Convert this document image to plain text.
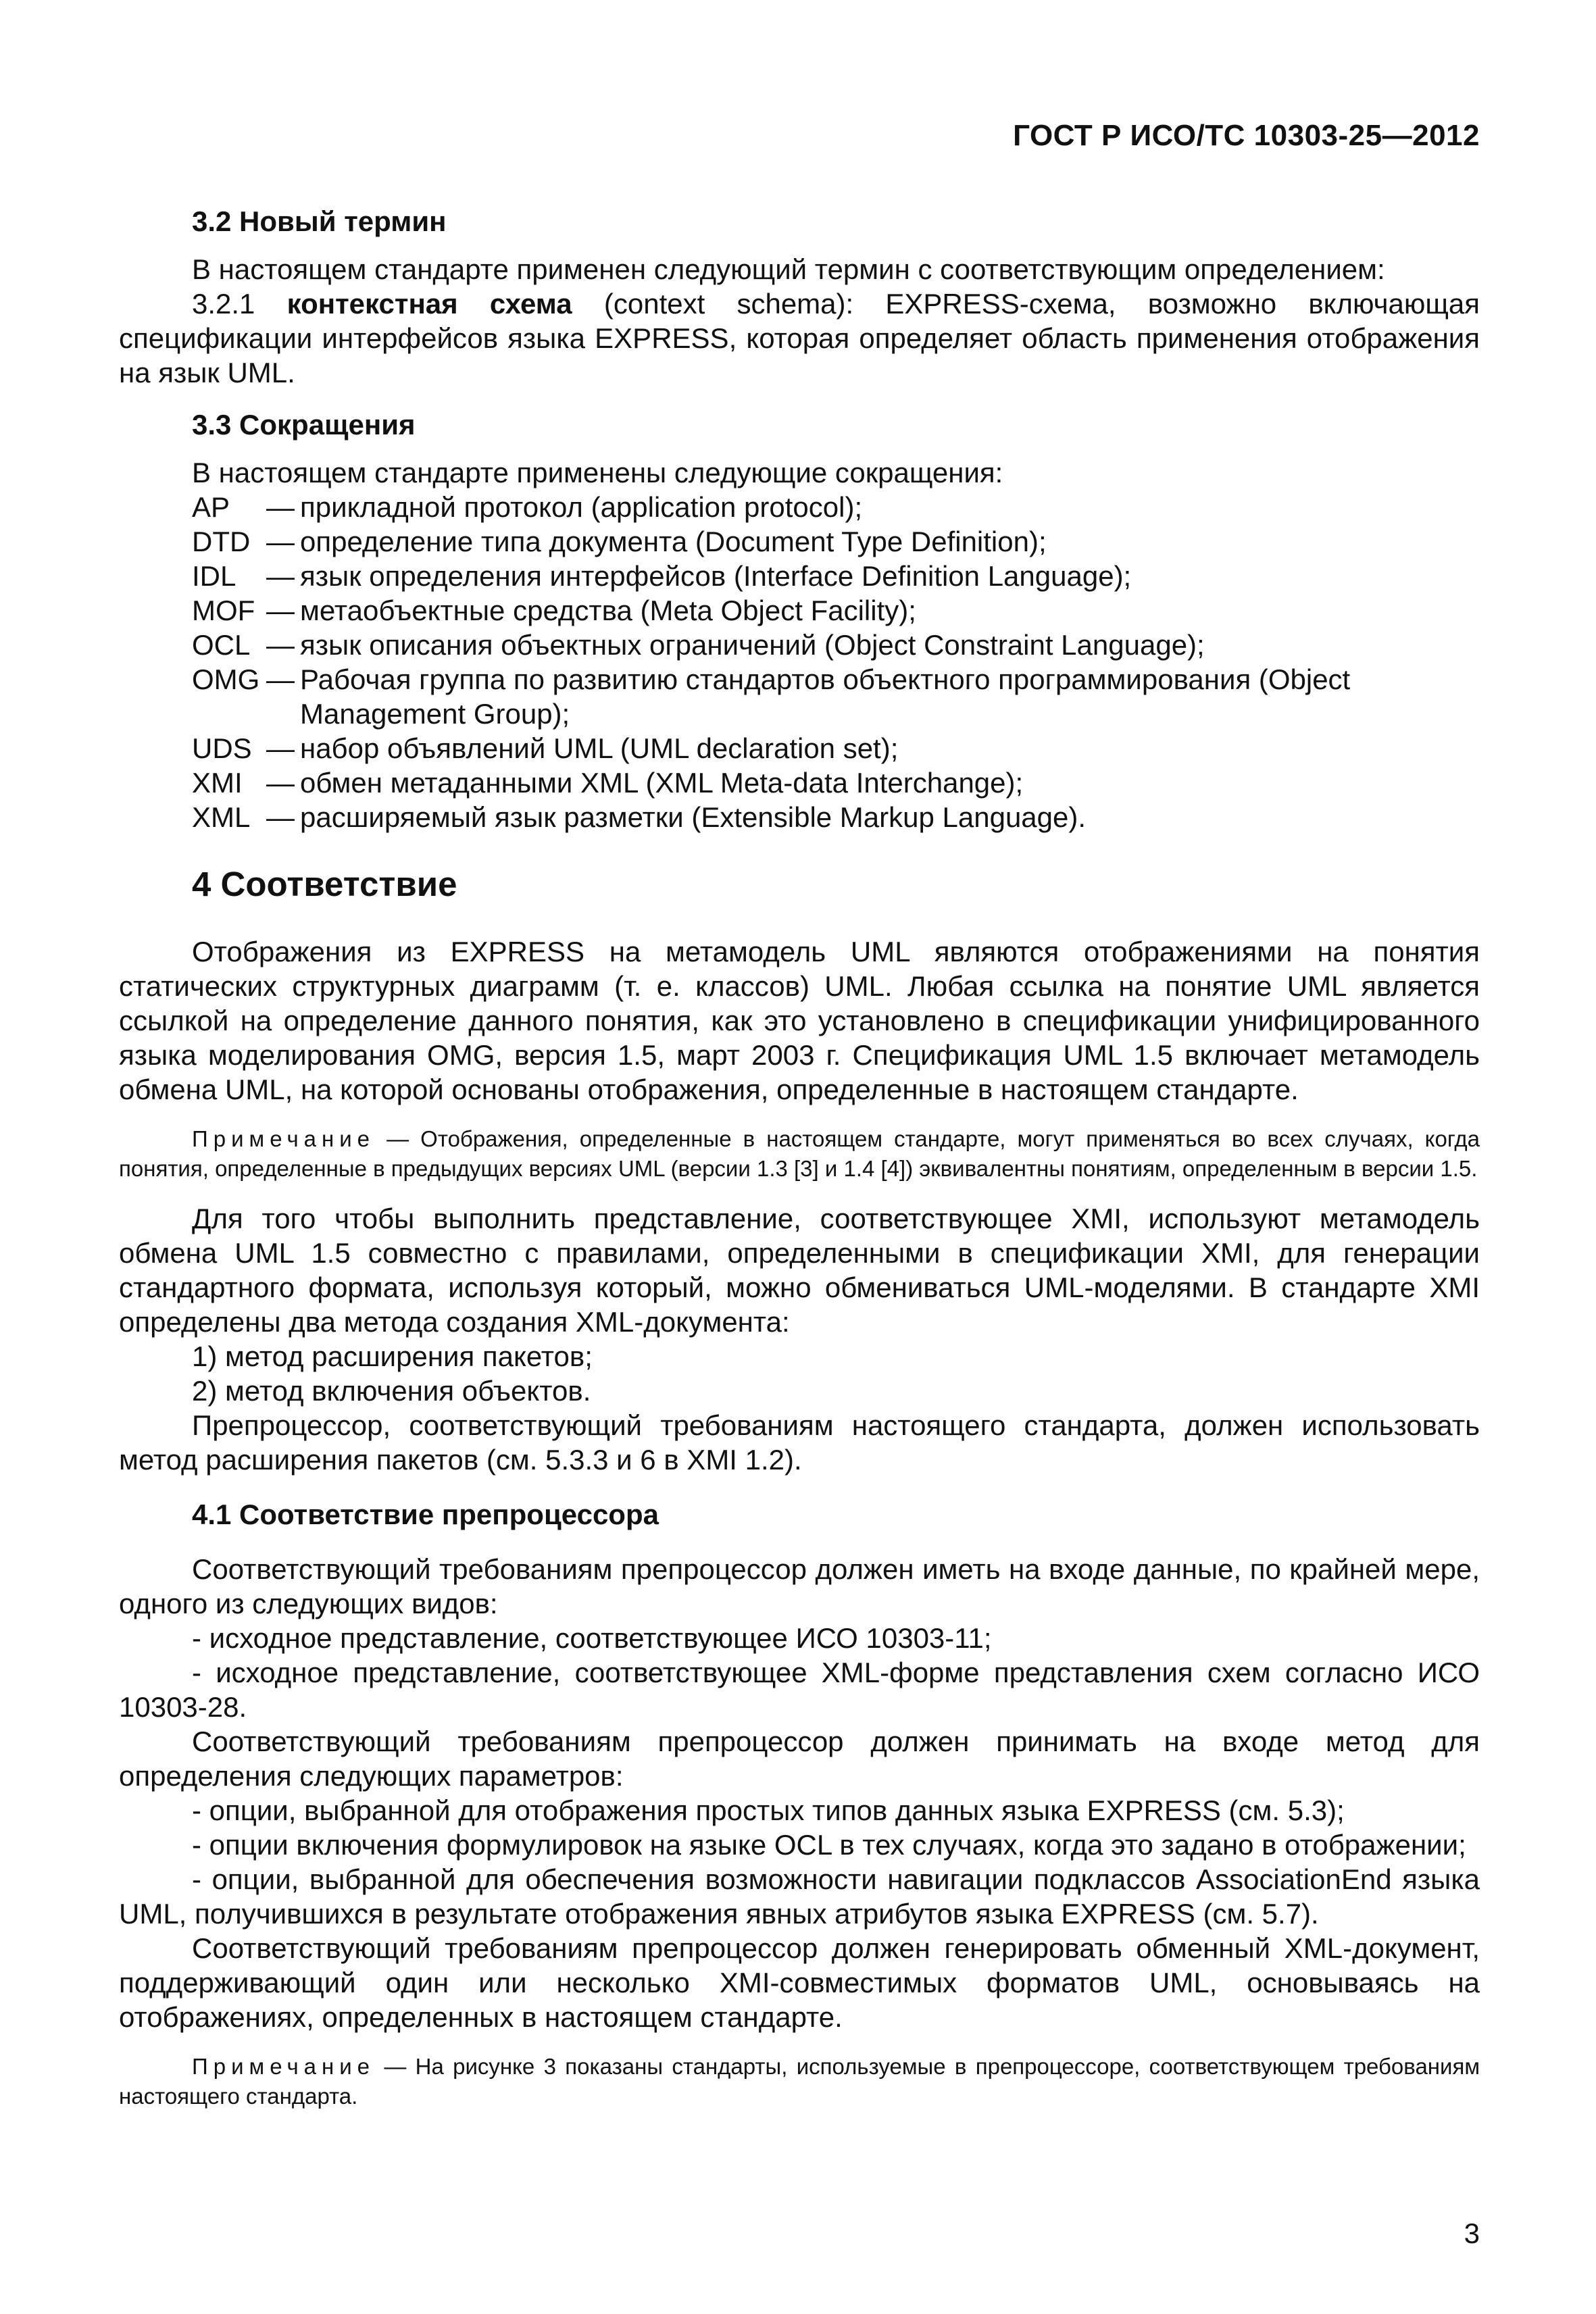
ГОСТ Р ИСО/ТС 10303-25—2012

3.2 Новый термин

В настоящем стандарте применен следующий термин с соответствующим определением:

3.2.1 контекстная схема (context schema): EXPRESS-схема, возможно включающая спецификации интерфейсов языка EXPRESS, которая определяет область применения отображения на язык UML.

3.3 Сокращения

В настоящем стандарте применены следующие сокращения:

AP	— прикладной протокол (application protocol);
DTD — определение типа документа (Document Type Definition);
IDL	— язык определения интерфейсов (Interface Definition Language);
MOF — метаобъектные средства (Meta Object Facility);
OCL — язык описания объектных ограничений (Object Constraint Language);
OMG — Рабочая группа по развитию стандартов объектного программирования (Object Management Group);
UDS — набор объявлений UML (UML declaration set);
XMI — обмен метаданными XML (XML Meta-data Interchange);
XML — расширяемый язык разметки (Extensible Markup Language).

4 Соответствие

Отображения из EXPRESS на метамодель UML являются отображениями на понятия статических структурных диаграмм (т. е. классов) UML. Любая ссылка на понятие UML является ссылкой на определение данного понятия, как это установлено в спецификации унифицированного языка моделирования OMG, версия 1.5, март 2003 г. Спецификация UML 1.5 включает метамодель обмена UML, на которой основаны отображения, определенные в настоящем стандарте.

Примечание — Отображения, определенные в настоящем стандарте, могут применяться во всех случаях, когда понятия, определенные в предыдущих версиях UML (версии 1.3 [3] и 1.4 [4]) эквивалентны понятиям, определенным в версии 1.5.

Для того чтобы выполнить представление, соответствующее XMI, используют метамодель обмена UML 1.5 совместно с правилами, определенными в спецификации XMI, для генерации стандартного формата, используя который, можно обмениваться UML-моделями. В стандарте XMI определены два метода создания XML-документа:

1) метод расширения пакетов;

2) метод включения объектов.

Препроцессор, соответствующий требованиям настоящего стандарта, должен использовать метод расширения пакетов (см. 5.3.3 и 6 в XMI 1.2).

4.1 Соответствие препроцессора

Соответствующий требованиям препроцессор должен иметь на входе данные, по крайней мере, одного из следующих видов:

- исходное представление, соответствующее ИСО 10303-11;

- исходное представление, соответствующее XML-форме представления схем согласно ИСО 10303-28.

Соответствующий требованиям препроцессор должен принимать на входе метод для определения следующих параметров:

- опции, выбранной для отображения простых типов данных языка EXPRESS (см. 5.3);

- опции включения формулировок на языке OCL в тех случаях, когда это задано в отображении;

- опции, выбранной для обеспечения возможности навигации подклассов AssociationEnd языка UML, получившихся в результате отображения явных атрибутов языка EXPRESS (см. 5.7).

Соответствующий требованиям препроцессор должен генерировать обменный XML-документ, поддерживающий один или несколько XMI-совместимых форматов UML, основываясь на отображениях, определенных в настоящем стандарте.

Примечание — На рисунке 3 показаны стандарты, используемые в препроцессоре, соответствующем требованиям настоящего стандарта.

3
